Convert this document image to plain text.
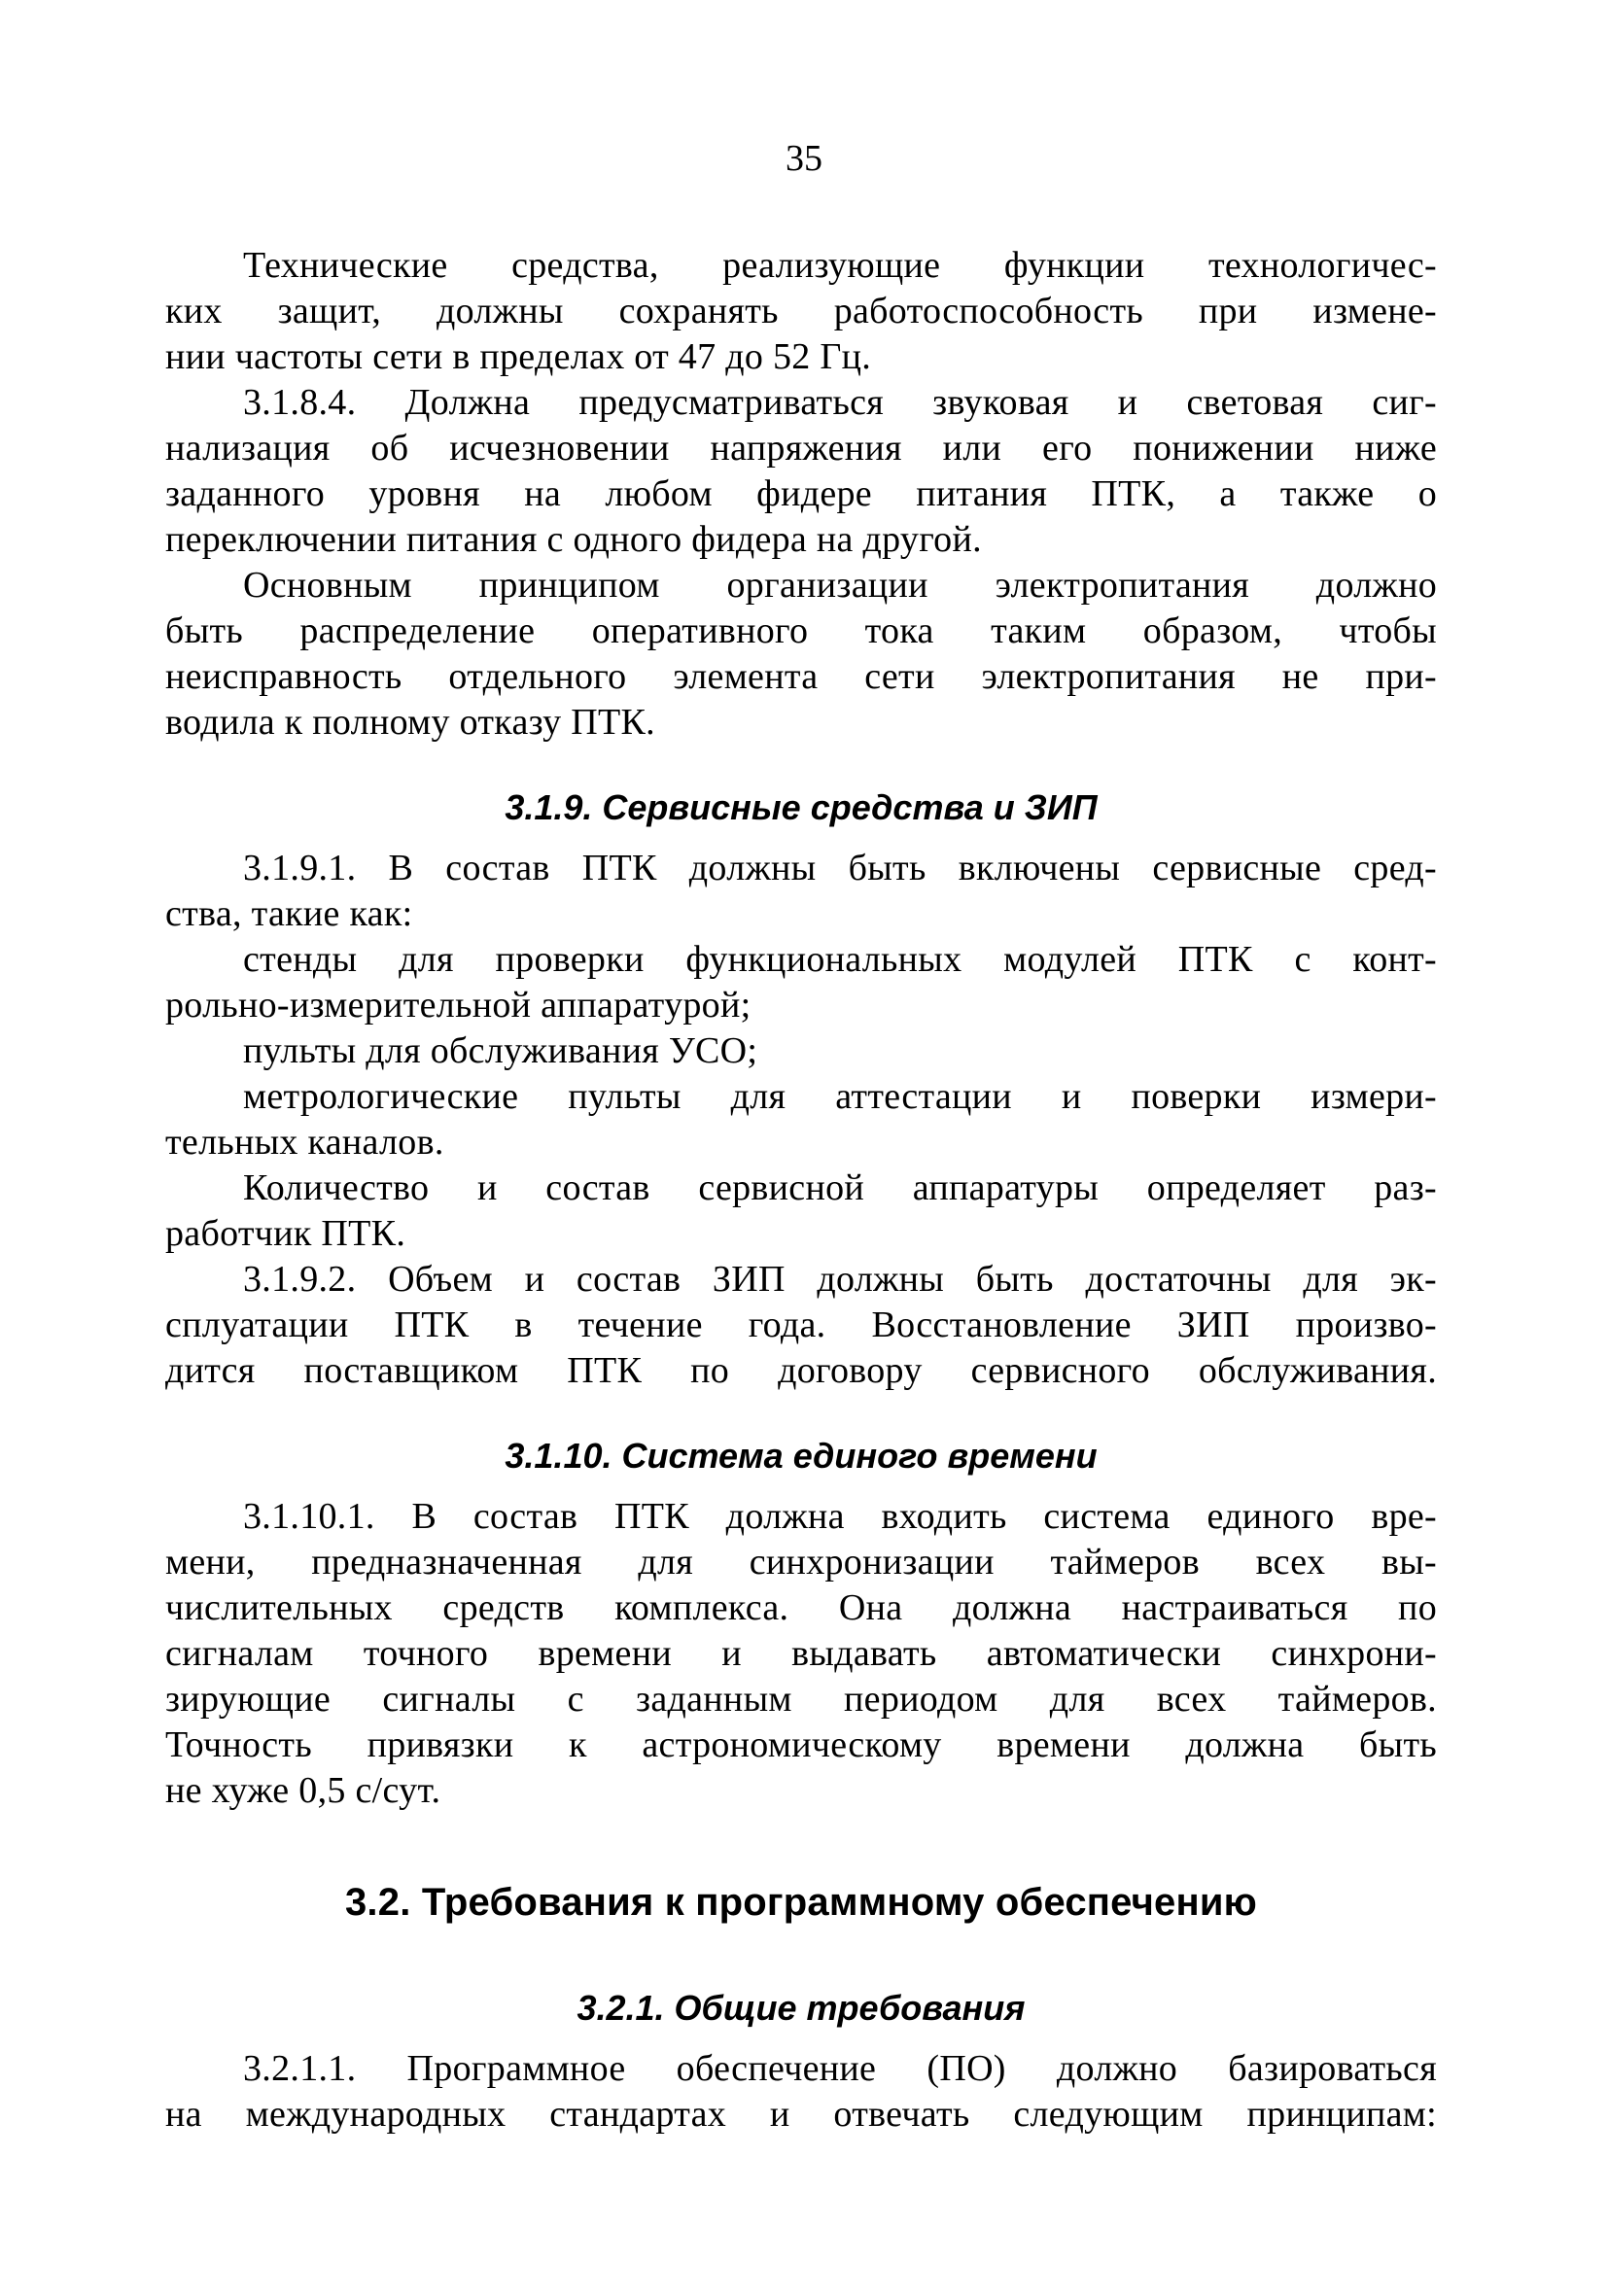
35
Технические средства, реализующие функции технологичес-
ких защит, должны сохранять работоспособность при измене-
нии частоты сети в пределах от 47 до 52 Гц.
3.1.8.4. Должна предусматриваться звуковая и световая сиг-
нализация об исчезновении напряжения или его понижении ниже
заданного уровня на любом фидере питания ПТК, а также о
переключении питания с одного фидера на другой.
Основным принципом организации электропитания должно
быть распределение оперативного тока таким образом, чтобы
неисправность отдельного элемента сети электропитания не при-
водила к полному отказу ПТК.
3.1.9. Сервисные средства и ЗИП
3.1.9.1. В состав ПТК должны быть включены сервисные сред-
ства, такие как:
стенды для проверки функциональных модулей ПТК с конт-
рольно-измерительной аппаратурой;
пульты для обслуживания УСО;
метрологические пульты для аттестации и поверки измери-
тельных каналов.
Количество и состав сервисной аппаратуры определяет раз-
работчик ПТК.
3.1.9.2. Объем и состав ЗИП должны быть достаточны для эк-
сплуатации ПТК в течение года. Восстановление ЗИП произво-
дится поставщиком ПТК по договору сервисного обслуживания.
3.1.10. Система единого времени
3.1.10.1. В состав ПТК должна входить система единого вре-
мени, предназначенная для синхронизации таймеров всех вы-
числительных средств комплекса. Она должна настраиваться по
сигналам точного времени и выдавать автоматически синхрони-
зирующие сигналы с заданным периодом для всех таймеров.
Точность привязки к астрономическому времени должна быть
не хуже 0,5 с/сут.
3.2. Требования к программному обеспечению
3.2.1. Общие требования
3.2.1.1. Программное обеспечение (ПО) должно базироваться
на международных стандартах и отвечать следующим принципам:
